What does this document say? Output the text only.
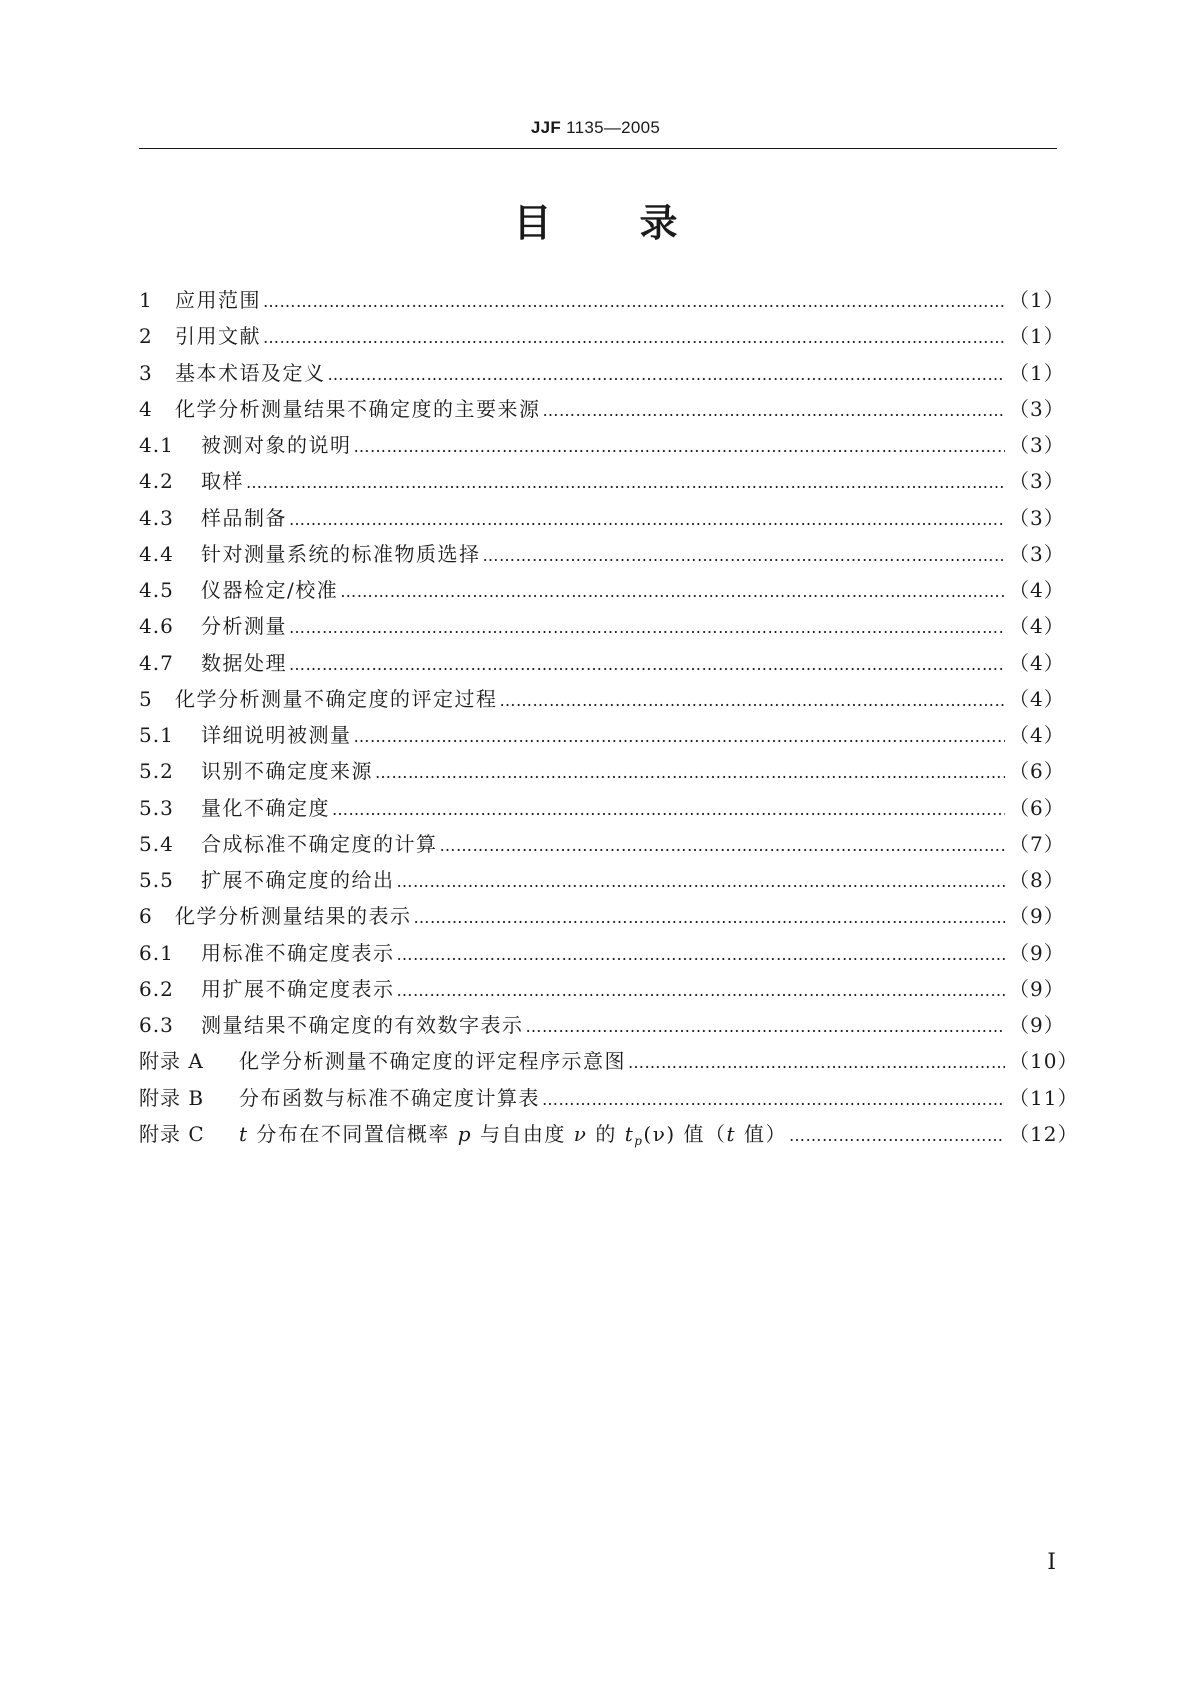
JJF 1135—2005
目 录
1	应用范围 ………………………………………………………………………………………………………………………………………………………………………………	（1）
2	引用文献 ………………………………………………………………………………………………………………………………………………………………………………	（1）
3	基本术语及定义 ………………………………………………………………………………………………………………………………………………………………………………	（1）
4	化学分析测量结果不确定度的主要来源 ………………………………………………………………………………………………………………………………………………………………………………	（3）
4.1	被测对象的说明 ………………………………………………………………………………………………………………………………………………………………………………	（3）
4.2	取样 ………………………………………………………………………………………………………………………………………………………………………………	（3）
4.3	样品制备 ………………………………………………………………………………………………………………………………………………………………………………	（3）
4.4	针对测量系统的标准物质选择 ………………………………………………………………………………………………………………………………………………………………………………	（3）
4.5	仪器检定/校准 ………………………………………………………………………………………………………………………………………………………………………………	（4）
4.6	分析测量 ………………………………………………………………………………………………………………………………………………………………………………	（4）
4.7	数据处理 ………………………………………………………………………………………………………………………………………………………………………………	（4）
5	化学分析测量不确定度的评定过程 ………………………………………………………………………………………………………………………………………………………………………………	（4）
5.1	详细说明被测量 ………………………………………………………………………………………………………………………………………………………………………………	（4）
5.2	识别不确定度来源 ………………………………………………………………………………………………………………………………………………………………………………	（6）
5.3	量化不确定度 ………………………………………………………………………………………………………………………………………………………………………………	（6）
5.4	合成标准不确定度的计算 ………………………………………………………………………………………………………………………………………………………………………………	（7）
5.5	扩展不确定度的给出 ………………………………………………………………………………………………………………………………………………………………………………	（8）
6	化学分析测量结果的表示 ………………………………………………………………………………………………………………………………………………………………………………	（9）
6.1	用标准不确定度表示 ………………………………………………………………………………………………………………………………………………………………………………	（9）
6.2	用扩展不确定度表示 ………………………………………………………………………………………………………………………………………………………………………………	（9）
6.3	测量结果不确定度的有效数字表示 ………………………………………………………………………………………………………………………………………………………………………………	（9）
附录 A	化学分析测量不确定度的评定程序示意图 ………………………………………………………………………………………………………………………………………………………………………………	（10）
附录 B	分布函数与标准不确定度计算表 ………………………………………………………………………………………………………………………………………………………………………………	（11）
附录 C	t 分布在不同置信概率 p 与自由度 ν 的 $t_p(\nu)$ 值（t 值） ………………………………………………………………………………………………………………………………………………………………………………	（12）
I
